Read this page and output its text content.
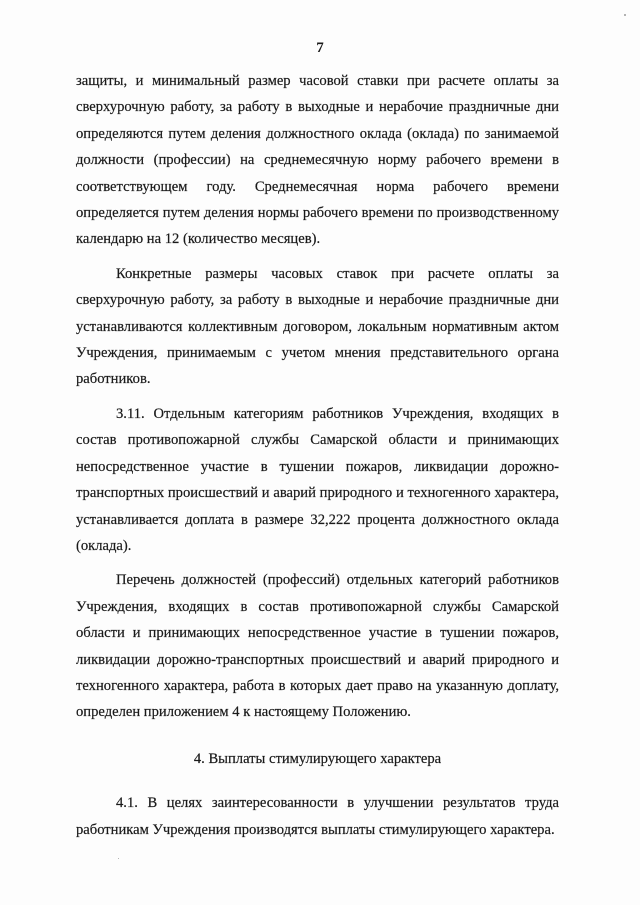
7

защиты, и минимальный размер часовой ставки при расчете оплаты за сверхурочную работу, за работу в выходные и нерабочие праздничные дни определяются путем деления должностного оклада (оклада) по занимаемой должности (профессии) на среднемесячную норму рабочего времени в соответствующем году. Среднемесячная норма рабочего времени определяется путем деления нормы рабочего времени по производственному календарю на 12 (количество месяцев).

Конкретные размеры часовых ставок при расчете оплаты за сверхурочную работу, за работу в выходные и нерабочие праздничные дни устанавливаются коллективным договором, локальным нормативным актом Учреждения, принимаемым с учетом мнения представительного органа работников.

3.11. Отдельным категориям работников Учреждения, входящих в состав противопожарной службы Самарской области и принимающих непосредственное участие в тушении пожаров, ликвидации дорожно-транспортных происшествий и аварий природного и техногенного характера, устанавливается доплата в размере 32,222 процента должностного оклада (оклада).

Перечень должностей (профессий) отдельных категорий работников Учреждения, входящих в состав противопожарной службы Самарской области и принимающих непосредственное участие в тушении пожаров, ликвидации дорожно-транспортных происшествий и аварий природного и техногенного характера, работа в которых дает право на указанную доплату, определен приложением 4 к настоящему Положению.

4. Выплаты стимулирующего характера

4.1. В целях заинтересованности в улучшении результатов труда работникам Учреждения производятся выплаты стимулирующего характера.
